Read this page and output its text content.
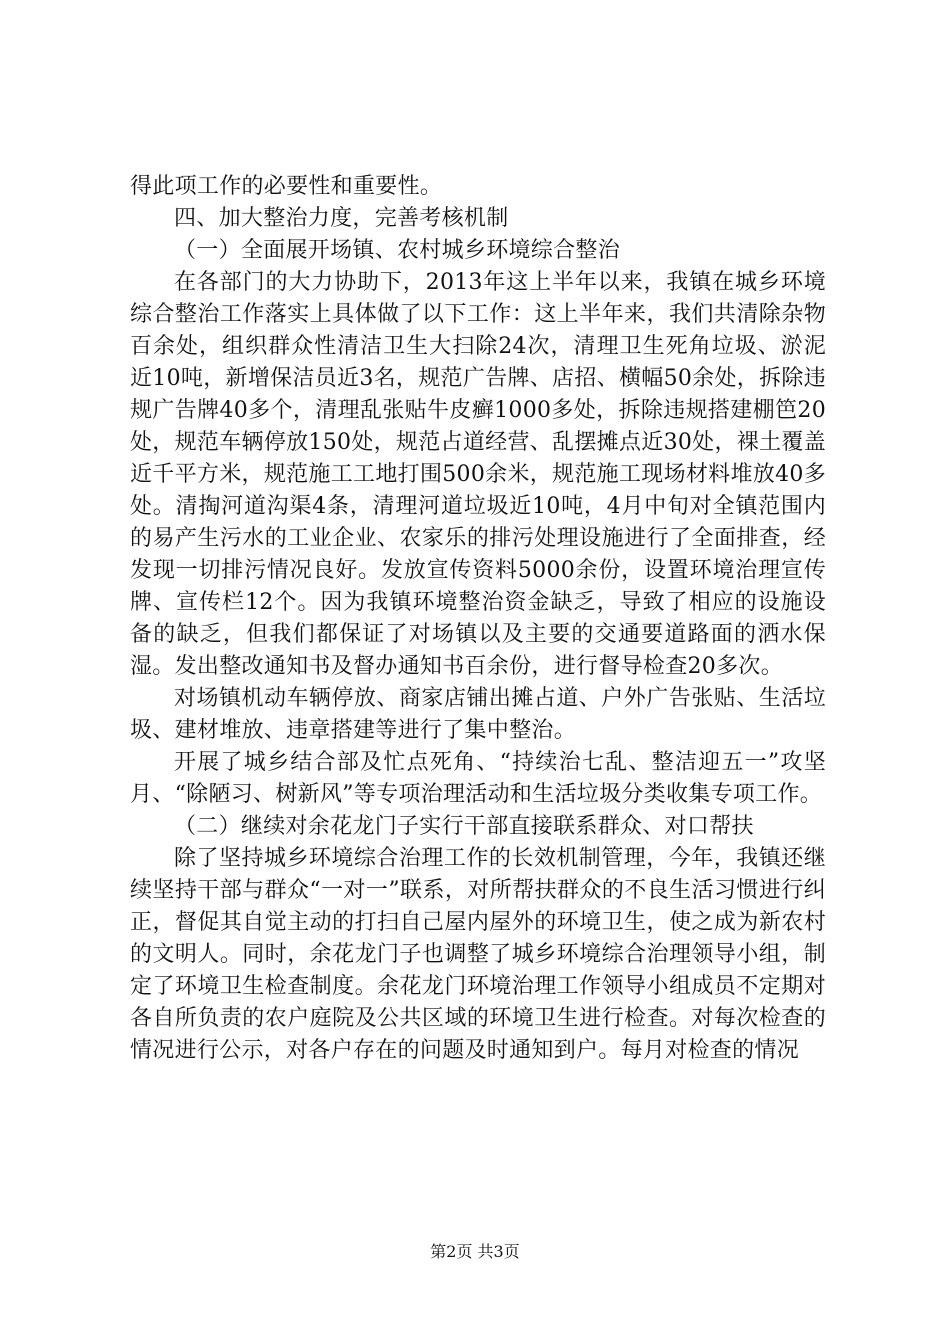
得此项工作的必要性和重要性。

四、加大整治力度，完善考核机制

（一）全面展开场镇、农村城乡环境综合整治

在各部门的大力协助下，2013年这上半年以来，我镇在城乡环境综合整治工作落实上具体做了以下工作：这上半年来，我们共清除杂物百余处，组织群众性清洁卫生大扫除24次，清理卫生死角垃圾、淤泥近10吨，新增保洁员近3名，规范广告牌、店招、横幅50余处，拆除违规广告牌40多个，清理乱张贴牛皮癣1000多处，拆除违规搭建棚笆20处，规范车辆停放150处，规范占道经营、乱摆摊点近30处，裸土覆盖近千平方米，规范施工工地打围500余米，规范施工现场材料堆放40多处。清掏河道沟渠4条，清理河道垃圾近10吨，4月中旬对全镇范围内的易产生污水的工业企业、农家乐的排污处理设施进行了全面排查，经发现一切排污情况良好。发放宣传资料5000余份，设置环境治理宣传牌、宣传栏12个。因为我镇环境整治资金缺乏，导致了相应的设施设备的缺乏，但我们都保证了对场镇以及主要的交通要道路面的洒水保湿。发出整改通知书及督办通知书百余份，进行督导检查20多次。

对场镇机动车辆停放、商家店铺出摊占道、户外广告张贴、生活垃圾、建材堆放、违章搭建等进行了集中整治。

开展了城乡结合部及忙点死角、“持续治七乱、整洁迎五一”攻坚月、“除陋习、树新风”等专项治理活动和生活垃圾分类收集专项工作。

（二）继续对余花龙门子实行干部直接联系群众、对口帮扶

除了坚持城乡环境综合治理工作的长效机制管理，今年，我镇还继续坚持干部与群众“一对一”联系，对所帮扶群众的不良生活习惯进行纠正，督促其自觉主动的打扫自己屋内屋外的环境卫生，使之成为新农村的文明人。同时，余花龙门子也调整了城乡环境综合治理领导小组，制定了环境卫生检查制度。余花龙门环境治理工作领导小组成员不定期对各自所负责的农户庭院及公共区域的环境卫生进行检查。对每次检查的情况进行公示，对各户存在的问题及时通知到户。每月对检查的情况

第2页 共3页
